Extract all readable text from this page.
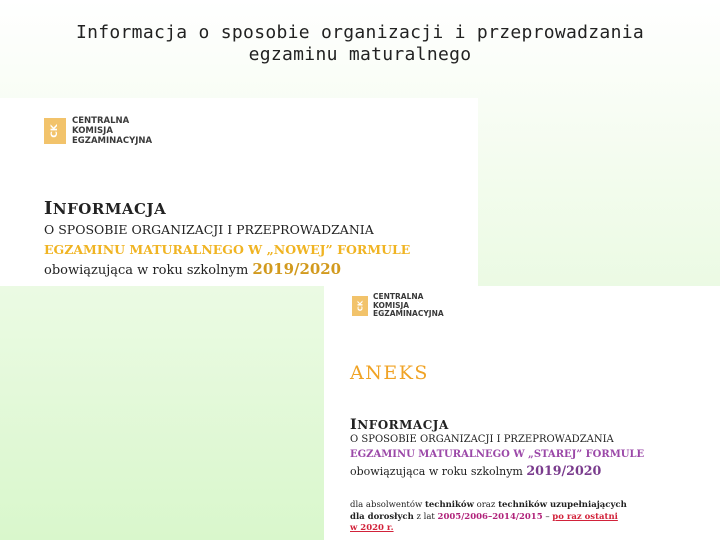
Informacja o sposobie organizacji i przeprowadzania
egzaminu maturalnego
CK
CENTRALNA
KOMISJA
EGZAMINACYJNA
INFORMACJA
O SPOSOBIE ORGANIZACJI I PRZEPROWADZANIA
EGZAMINU MATURALNEGO W „NOWEJ” FORMULE
obowiązująca w roku szkolnym 2019/2020
CK
CENTRALNA
KOMISJA
EGZAMINACYJNA
ANEKS
INFORMACJA
O SPOSOBIE ORGANIZACJI I PRZEPROWADZANIA
EGZAMINU MATURALNEGO W „STAREJ” FORMULE
obowiązująca w roku szkolnym 2019/2020
dla absolwentów techników oraz techników uzupełniających
dla dorosłych z lat 2005/2006–2014/2015 – po raz ostatni
w 2020 r.
